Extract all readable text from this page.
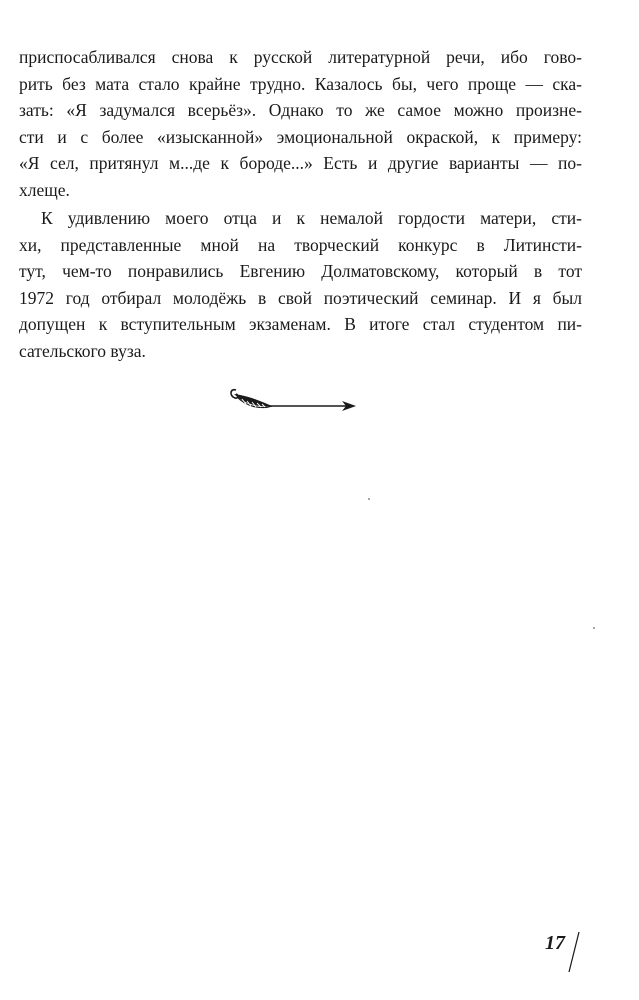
приспосабливался снова к русской литературной речи, ибо гово-
рить без мата стало крайне трудно. Казалось бы, чего проще — ска-
зать: «Я задумался всерьёз». Однако то же самое можно произне-
сти и с более «изысканной» эмоциональной окраской, к примеру:
«Я сел, притянул м...де к бороде...» Есть и другие варианты — по-
хлеще.
К удивлению моего отца и к немалой гордости матери, сти-
хи, представленные мной на творческий конкурс в Литинсти-
тут, чем-то понравились Евгению Долматовскому, который в тот
1972 год отбирал молодёжь в свой поэтический семинар. И я был
допущен к вступительным экзаменам. В итоге стал студентом пи-
сательского вуза.
17
